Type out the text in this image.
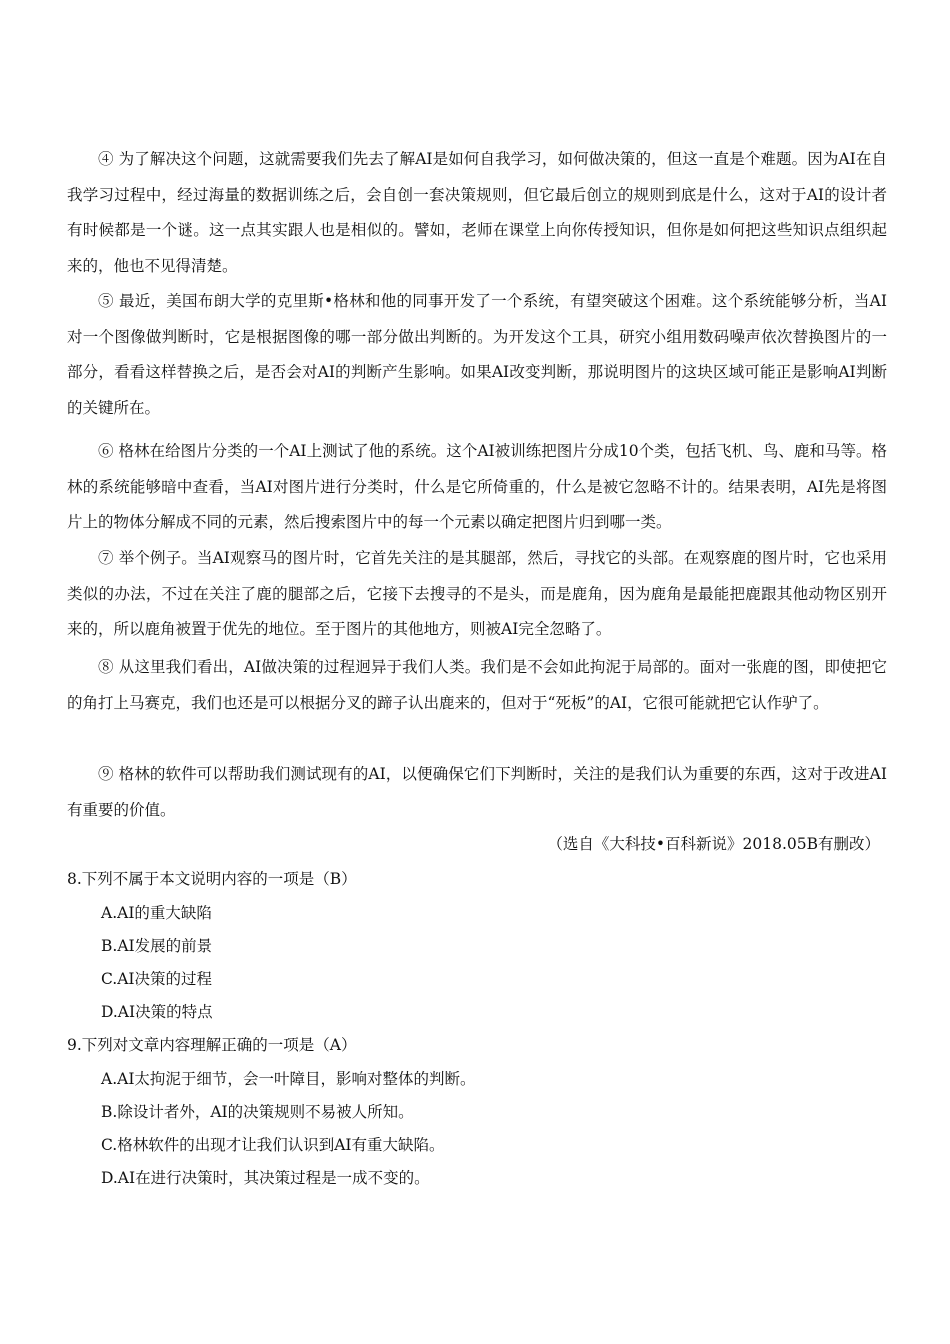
④ 为了解决这个问题，这就需要我们先去了解AI是如何自我学习，如何做决策的，但这一直是个难题。因为AI在自我学习过程中，经过海量的数据训练之后，会自创一套决策规则，但它最后创立的规则到底是什么，这对于AI的设计者有时候都是一个谜。这一点其实跟人也是相似的。譬如，老师在课堂上向你传授知识，但你是如何把这些知识点组织起来的，他也不见得清楚。

⑤ 最近，美国布朗大学的克里斯•格林和他的同事开发了一个系统，有望突破这个困难。这个系统能够分析，当AI对一个图像做判断时，它是根据图像的哪一部分做出判断的。为开发这个工具，研究小组用数码噪声依次替换图片的一部分，看看这样替换之后，是否会对AI的判断产生影响。如果AI改变判断，那说明图片的这块区域可能正是影响AI判断的关键所在。

⑥ 格林在给图片分类的一个AI上测试了他的系统。这个AI被训练把图片分成10个类，包括飞机、鸟、鹿和马等。格林的系统能够暗中查看，当AI对图片进行分类时，什么是它所倚重的，什么是被它忽略不计的。结果表明，AI先是将图片上的物体分解成不同的元素，然后搜索图片中的每一个元素以确定把图片归到哪一类。

⑦ 举个例子。当AI观察马的图片时，它首先关注的是其腿部，然后，寻找它的头部。在观察鹿的图片时，它也采用类似的办法，不过在关注了鹿的腿部之后，它接下去搜寻的不是头，而是鹿角，因为鹿角是最能把鹿跟其他动物区别开来的，所以鹿角被置于优先的地位。至于图片的其他地方，则被AI完全忽略了。

⑧ 从这里我们看出，AI做决策的过程迥异于我们人类。我们是不会如此拘泥于局部的。面对一张鹿的图，即使把它的角打上马赛克，我们也还是可以根据分叉的蹄子认出鹿来的，但对于“死板”的AI，它很可能就把它认作驴了。

⑨ 格林的软件可以帮助我们测试现有的AI，以便确保它们下判断时，关注的是我们认为重要的东西，这对于改进AI有重要的价值。

（选自《大科技•百科新说》2018.05B有删改）

8.下列不属于本文说明内容的一项是（B）

A.AI的重大缺陷

B.AI发展的前景

C.AI决策的过程

D.AI决策的特点

9.下列对文章内容理解正确的一项是（A）

A.AI太拘泥于细节，会一叶障目，影响对整体的判断。

B.除设计者外，AI的决策规则不易被人所知。

C.格林软件的出现才让我们认识到AI有重大缺陷。

D.AI在进行决策时，其决策过程是一成不变的。
